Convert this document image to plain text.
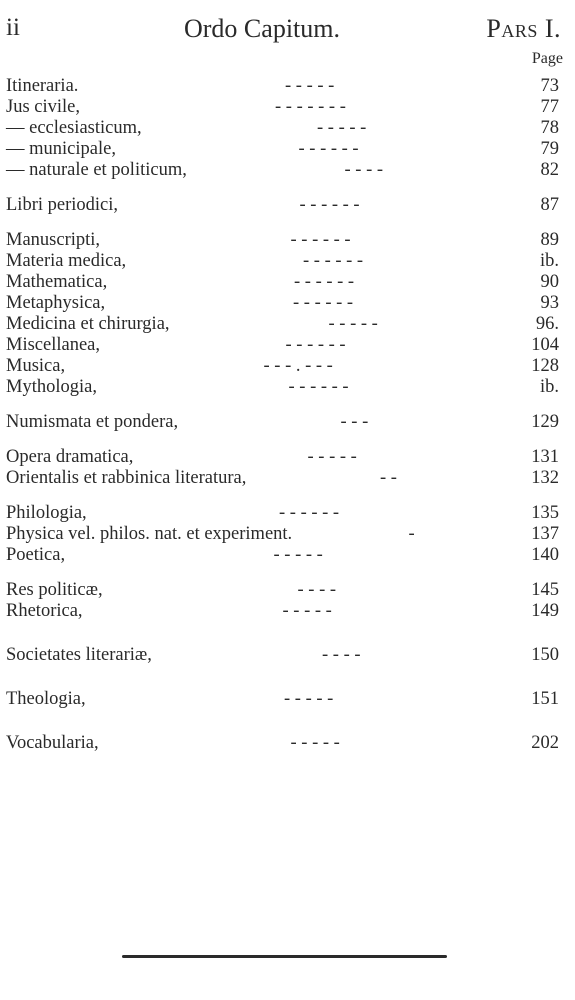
ii	Ordo Capitum.	Pars I.
Page
Itineraria.	- - - - -	73
Jus civile,	- - - - - - -	77
— ecclesiasticum,	- - - - -	78
— municipale,	- - - - - -	79
— naturale et politicum,	- - - -	82
Libri periodici,	- - - - - -	87
Manuscripti,	- - - - - -	89
Materia medica,	- - - - - -	ib.
Mathematica,	- - - - - -	90
Metaphysica,	- - - - - -	93
Medicina et chirurgia,	- - - - -	96.
Miscellanea,	- - - - - -	104
Musica,	- - - . - - -	128
Mythologia,	- - - - - -	ib.
Numismata et pondera,	- - -	129
Opera dramatica,	- - - - -	131
Orientalis et rabbinica literatura,	- -	132
Philologia,	- - - - - -	135
Physica vel. philos. nat. et experiment.	-	137
Poetica,	- - - - -	140
Res politicæ,	- - - -	145
Rhetorica,	- - - - -	149
Societates literariæ,	- - - -	150
Theologia,	- - - - -	151
Vocabularia,	- - - - -	202
